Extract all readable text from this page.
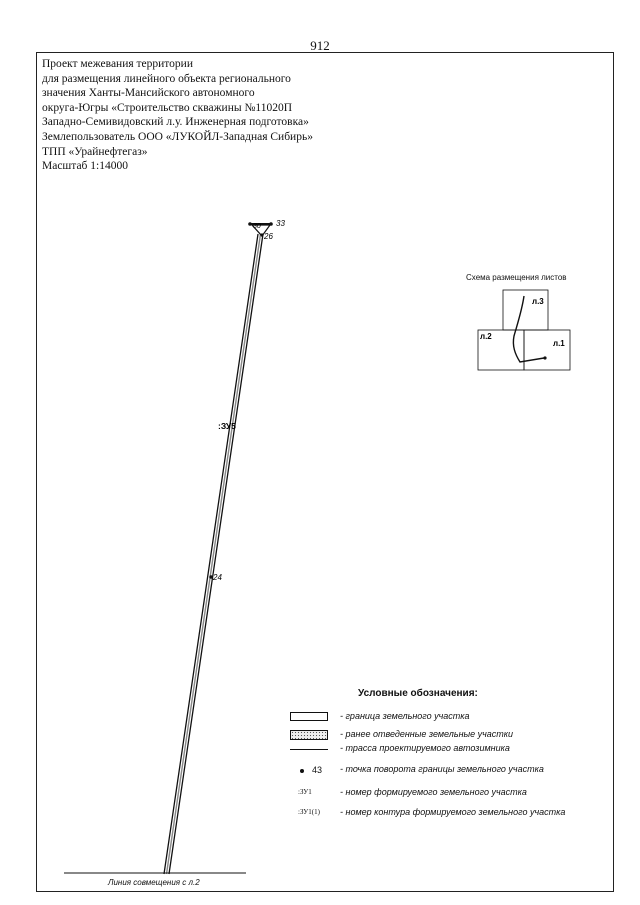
912
Проект межевания территории
для размещения линейного объекта регионального
значения Ханты-Мансийского автономного
округа-Югры «Строительство скважины №11020П
Западно-Семивидовский л.у. Инженерная подготовка»
Землепользователь ООО «ЛУКОЙЛ-Западная Сибирь»
ТПП «Урайнефтегаз»
Масштаб 1:14000
30 33
26
24
:ЗУ5
л.3
л.2
л.1
Схема размещения листов
Условные обозначения:
- граница земельного участка
- ранее отведенные земельные участки
- трасса проектируемого автозимника
43 - точка поворота границы земельного участка
:ЗУ1	- номер формируемого земельного участка
:ЗУ1(1) - номер контура формируемого земельного участка
Линия совмещения с л.2
